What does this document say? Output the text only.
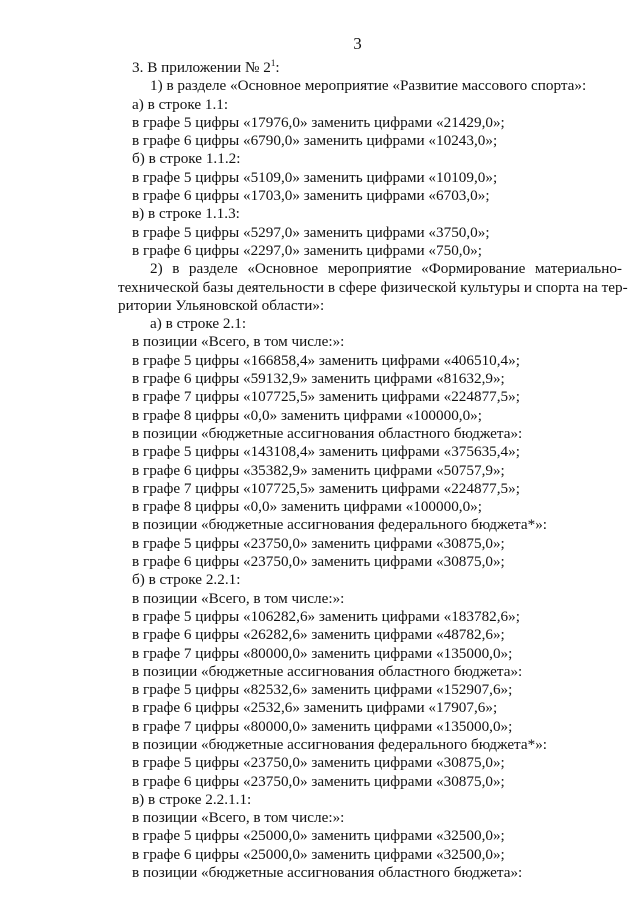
3
3. В приложении № $2^1$:
1) в разделе «Основное мероприятие «Развитие массового спорта»:
а) в строке 1.1:
в графе 5 цифры «17976,0» заменить цифрами «21429,0»;
в графе 6 цифры «6790,0» заменить цифрами «10243,0»;
б) в строке 1.1.2:
в графе 5 цифры «5109,0» заменить цифрами «10109,0»;
в графе 6 цифры «1703,0» заменить цифрами «6703,0»;
в) в строке 1.1.3:
в графе 5 цифры «5297,0» заменить цифрами «3750,0»;
в графе 6 цифры «2297,0» заменить цифрами «750,0»;
2) в разделе «Основное мероприятие «Формирование материально-
технической базы деятельности в сфере физической культуры и спорта на тер-
ритории Ульяновской области»:
а) в строке 2.1:
в позиции «Всего, в том числе:»:
в графе 5 цифры «166858,4» заменить цифрами «406510,4»;
в графе 6 цифры «59132,9» заменить цифрами «81632,9»;
в графе 7 цифры «107725,5» заменить цифрами «224877,5»;
в графе 8 цифры «0,0» заменить цифрами «100000,0»;
в позиции «бюджетные ассигнования областного бюджета»:
в графе 5 цифры «143108,4» заменить цифрами «375635,4»;
в графе 6 цифры «35382,9» заменить цифрами «50757,9»;
в графе 7 цифры «107725,5» заменить цифрами «224877,5»;
в графе 8 цифры «0,0» заменить цифрами «100000,0»;
в позиции «бюджетные ассигнования федерального бюджета*»:
в графе 5 цифры «23750,0» заменить цифрами «30875,0»;
в графе 6 цифры «23750,0» заменить цифрами «30875,0»;
б) в строке 2.2.1:
в позиции «Всего, в том числе:»:
в графе 5 цифры «106282,6» заменить цифрами «183782,6»;
в графе 6 цифры «26282,6» заменить цифрами «48782,6»;
в графе 7 цифры «80000,0» заменить цифрами «135000,0»;
в позиции «бюджетные ассигнования областного бюджета»:
в графе 5 цифры «82532,6» заменить цифрами «152907,6»;
в графе 6 цифры «2532,6» заменить цифрами «17907,6»;
в графе 7 цифры «80000,0» заменить цифрами «135000,0»;
в позиции «бюджетные ассигнования федерального бюджета*»:
в графе 5 цифры «23750,0» заменить цифрами «30875,0»;
в графе 6 цифры «23750,0» заменить цифрами «30875,0»;
в) в строке 2.2.1.1:
в позиции «Всего, в том числе:»:
в графе 5 цифры «25000,0» заменить цифрами «32500,0»;
в графе 6 цифры «25000,0» заменить цифрами «32500,0»;
в позиции «бюджетные ассигнования областного бюджета»:
